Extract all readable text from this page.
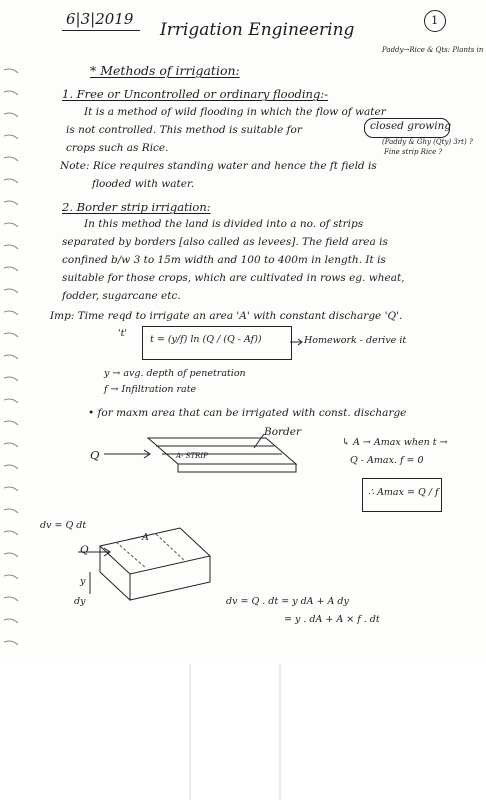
6|3|2019
Irrigation Engineering	1
Paddy→Rice & Qts: Plants in
* Methods of irrigation:
1. Free or Uncontrolled or ordinary flooding:-
It is a method of wild flooding in which the flow of water
is not controlled. This method is suitable for	closed growing
crops such as Rice.	(Paddy & Ghy (Qty) 3rt) ?
Fine strip Rice ?
Note: Rice requires standing water and hence the ft field is
flooded with water.
2. Border strip irrigation:
In this method the land is divided into a no. of strips
separated by borders [also called as levees]. The field area is
confined b/w 3 to 15m width and 100 to 400m in length. It is
suitable for those crops, which are cultivated in rows eg. wheat,
fodder, sugarcane etc.
Imp: Time reqd to irrigate an area 'A' with constant discharge 'Q'.
't'
t = (y/f) ln (Q / (Q - Af))	Homework - derive it
y → avg. depth of penetration
f → Infiltration rate
• for maxm area that can be irrigated with const. discharge
Border
Q	A- STRIP
↳ A → Amax when t →
Q - Amax. f = 0
∴ Amax = Q / f
dv = Q dt
Q
A
y
dy	dv = Q . dt = y dA + A dy
= y . dA + A × f . dt
